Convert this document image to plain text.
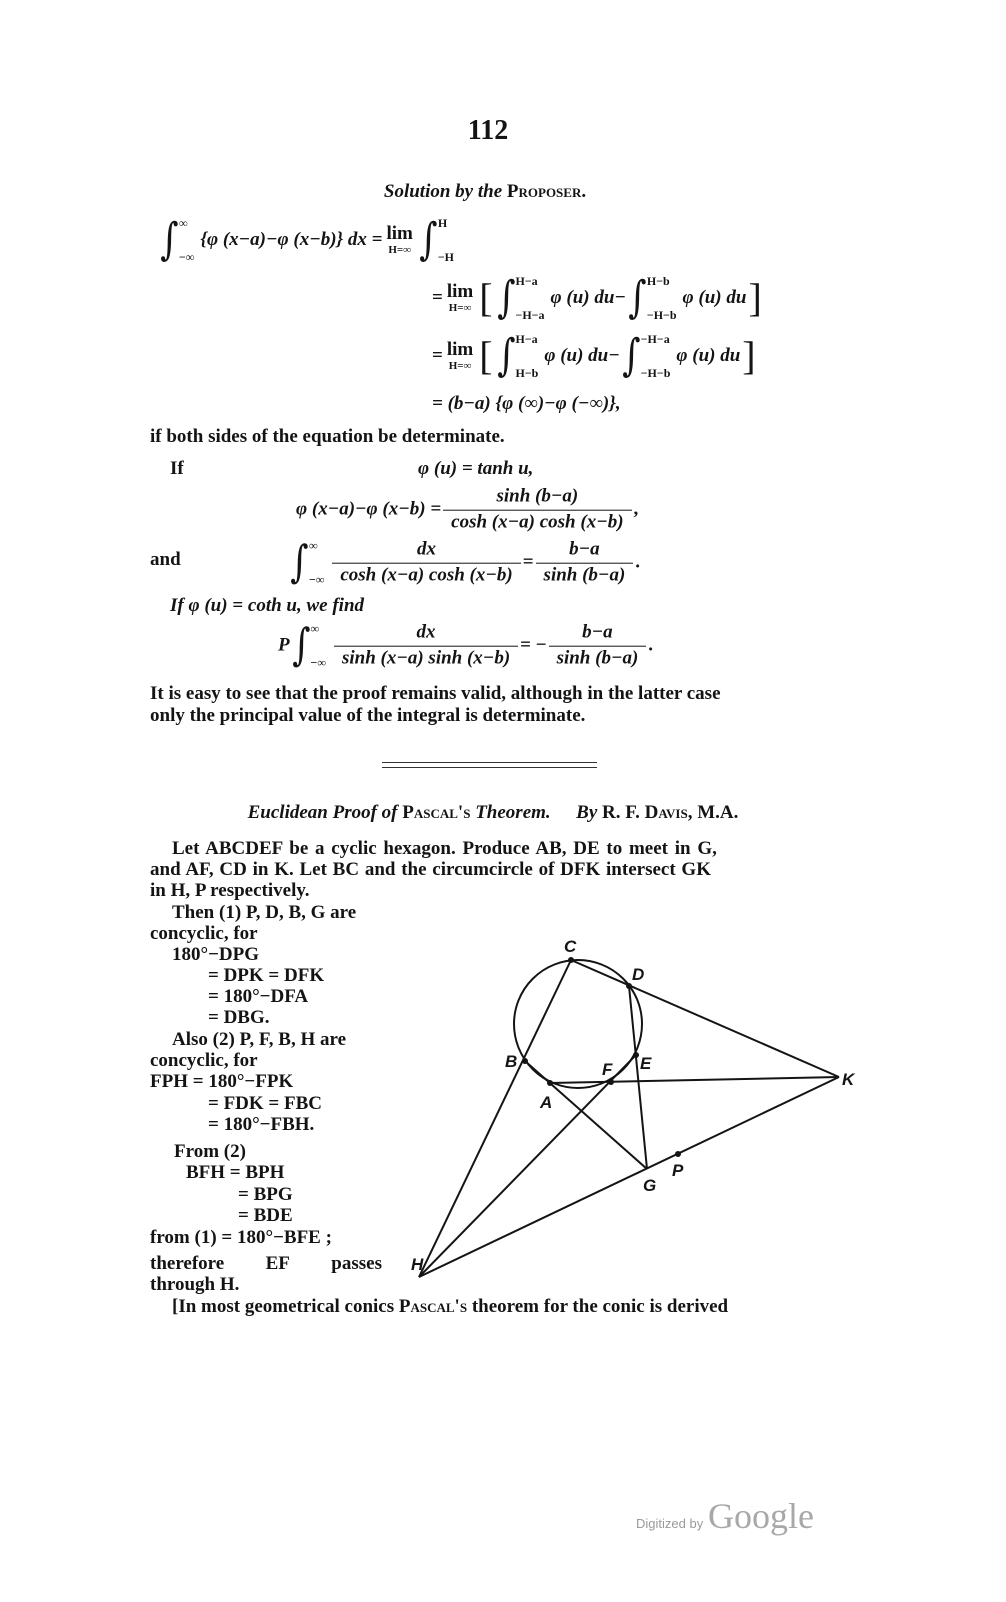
112
Solution by the Proposer.
∫ ∞
−∞
{φ (x−a)−φ (x−b)} dx = lim
H=∞ ∫ H
−H
= lim
H=∞ [ ∫ H−a
−H−a
φ (u) du− ∫ H−b
−H−b
φ (u) du ]
= lim
H=∞ [ ∫ H−a
H−b
φ (u) du− ∫ −H−a
−H−b
φ (u) du ]
= (b−a) {φ (∞)−φ (−∞)},
if both sides of the equation be determinate.
If	φ (u) = tanh u,
φ (x−a)−φ $(x-b) = \frac{\sinh (b-a)}{\cosh (x-a) \cosh (x-b)}$ ,
and ∫ ∞
−∞ $\frac{dx}{\cosh (x-a) \cosh (x-b)} = \frac{b-a}{\sinh (b-a)}$ .
If φ (u) = coth u, we find
P ∫ ∞
−∞ $\frac{dx}{\sinh (x-a) \sinh (x-b)}$ = − $\frac{b-a}{\sinh (b-a)}$ .
It is easy to see that the proof remains valid, although in the latter case
only the principal value of the integral is determinate.
Euclidean Proof of Pascal's Theorem. By R. F. Davis, M.A.
Let ABCDEF be a cyclic hexagon. Produce AB, DE to meet in G,
and AF, CD in K. Let BC and the circumcircle of DFK intersect GK
in H, P respectively.
Then (1) P, D, B, G are
concyclic, for
180°−DPG
= DPK = DFK
= 180°−DFA
= DBG.
Also (2) P, F, B, H are
concyclic, for
FPH = 180°−FPK
= FDK = FBC
= 180°−FBH.
From (2)
BFH = BPH
= BPG
= BDE
from (1) = 180°−BFE ;
therefore EF passes
through H.
[In most geometrical conics Pascal's theorem for the conic is derived
C
D
B
A
F E
K
G
P
H
Digitized by Google
